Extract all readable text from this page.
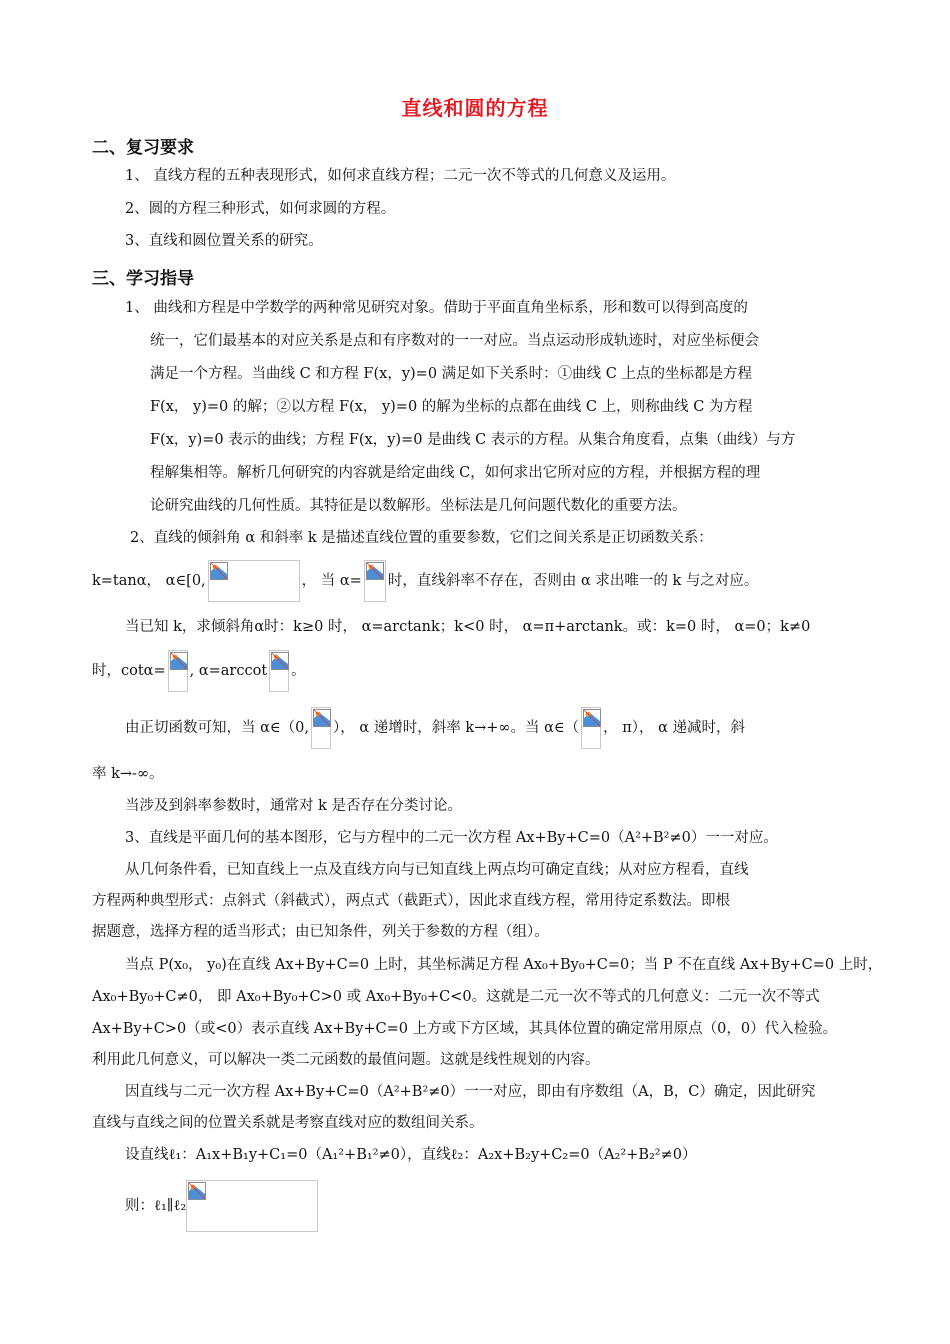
直线和圆的方程
二、复习要求
1、 直线方程的五种表现形式，如何求直线方程；二元一次不等式的几何意义及运用。
2、圆的方程三种形式，如何求圆的方程。
3、直线和圆位置关系的研究。
三、学习指导
1、 曲线和方程是中学数学的两种常见研究对象。借助于平面直角坐标系，形和数可以得到高度的
统一，它们最基本的对应关系是点和有序数对的一一对应。当点运动形成轨迹时，对应坐标便会
满足一个方程。当曲线 C 和方程 F(x，y)=0 满足如下关系时：①曲线 C 上点的坐标都是方程
F(x， y)=0 的解；②以方程 F(x， y)=0 的解为坐标的点都在曲线 C 上，则称曲线 C 为方程
F(x，y)=0 表示的曲线；方程 F(x，y)=0 是曲线 C 表示的方程。从集合角度看，点集（曲线）与方
程解集相等。解析几何研究的内容就是给定曲线 C，如何求出它所对应的方程，并根据方程的理
论研究曲线的几何性质。其特征是以数解形。坐标法是几何问题代数化的重要方法。
2、直线的倾斜角 α 和斜率 k 是描述直线位置的重要参数，它们之间关系是正切函数关系：
k=tanα， α∈[0,	， 当 α= 时，直线斜率不存在，否则由 α 求出唯一的 k 与之对应。
当已知 k，求倾斜角α时：k≥0 时， α=arctank；k<0 时， α=π+arctank。或：k=0 时， α=0；k≠0
时，cotα= , α=arccot 。
由正切函数可知，当 α∈（0, ）， α 递增时，斜率 k→+∞。当 α∈（ ， π）， α 递减时，斜
率 k→-∞。
当涉及到斜率参数时，通常对 k 是否存在分类讨论。
3、直线是平面几何的基本图形，它与方程中的二元一次方程 Ax+By+C=0（A²+B²≠0）一一对应。
从几何条件看，已知直线上一点及直线方向与已知直线上两点均可确定直线；从对应方程看，直线
方程两种典型形式：点斜式（斜截式），两点式（截距式），因此求直线方程，常用待定系数法。即根
据题意，选择方程的适当形式；由已知条件，列关于参数的方程（组）。
当点 P(x₀， y₀)在直线 Ax+By+C=0 上时，其坐标满足方程 Ax₀+By₀+C=0；当 P 不在直线 Ax+By+C=0 上时，
Ax₀+By₀+C≠0， 即 Ax₀+By₀+C>0 或 Ax₀+By₀+C<0。这就是二元一次不等式的几何意义：二元一次不等式
Ax+By+C>0（或<0）表示直线 Ax+By+C=0 上方或下方区域，其具体位置的确定常用原点（0，0）代入检验。
利用此几何意义，可以解决一类二元函数的最值问题。这就是线性规划的内容。
因直线与二元一次方程 Ax+By+C=0（A²+B²≠0）一一对应，即由有序数组（A，B，C）确定，因此研究
直线与直线之间的位置关系就是考察直线对应的数组间关系。
设直线ℓ₁：A₁x+B₁y+C₁=0（A₁²+B₁²≠0），直线ℓ₂：A₂x+B₂y+C₂=0（A₂²+B₂²≠0）
则：ℓ₁∥ℓ₂
